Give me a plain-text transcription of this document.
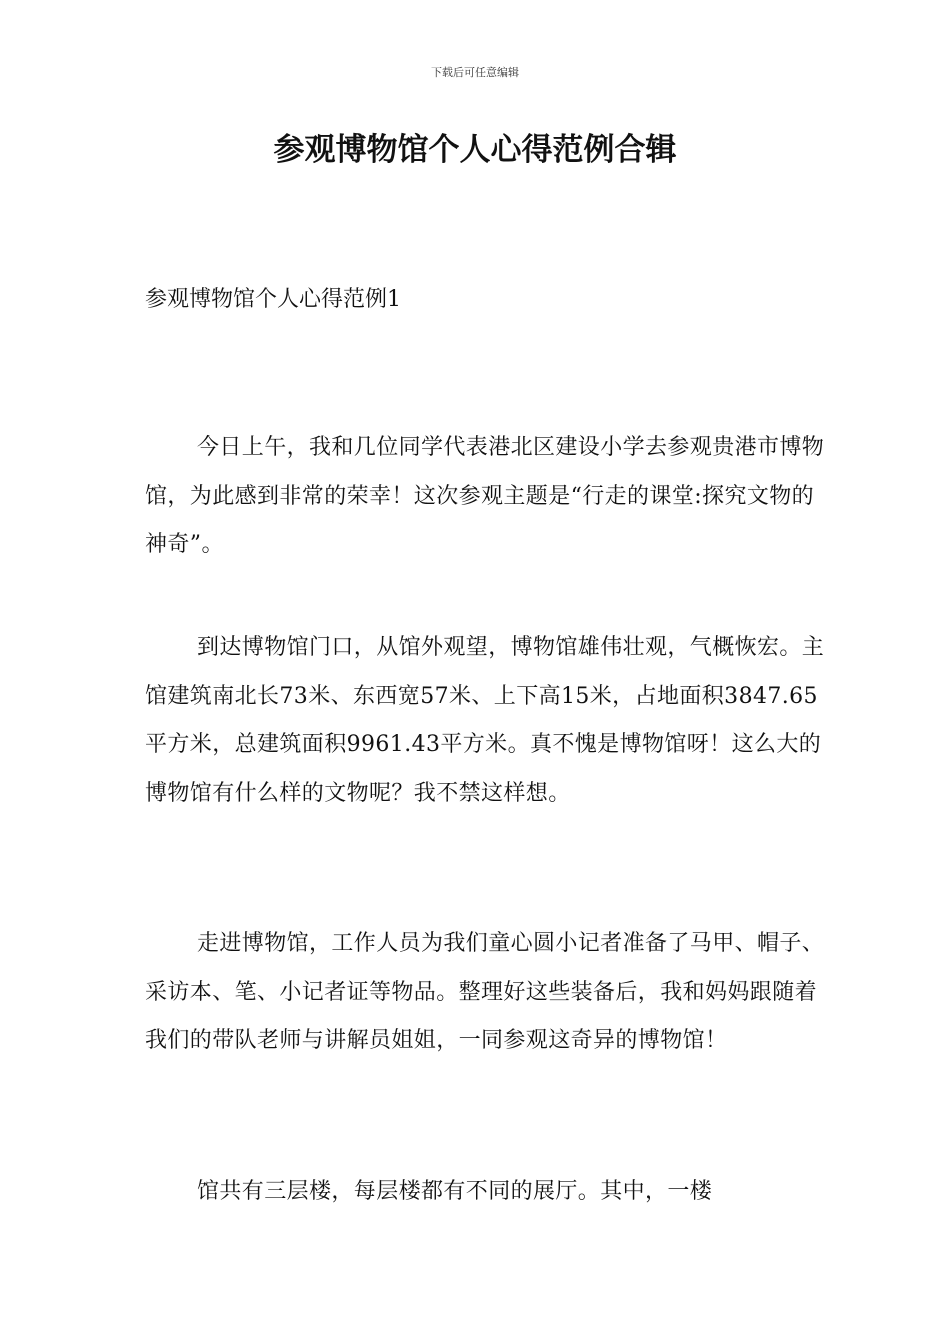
下载后可任意编辑
参观博物馆个人心得范例合辑
参观博物馆个人心得范例1

今日上午，我和几位同学代表港北区建设小学去参观贵港市博物馆，为此感到非常的荣幸！这次参观主题是“行走的课堂:探究文物的神奇”。

到达博物馆门口，从馆外观望，博物馆雄伟壮观，气概恢宏。主馆建筑南北长73米、东西宽57米、上下高15米，占地面积3847.65平方米，总建筑面积9961.43平方米。真不愧是博物馆呀！这么大的博物馆有什么样的文物呢？我不禁这样想。

走进博物馆，工作人员为我们童心圆小记者准备了马甲、帽子、采访本、笔、小记者证等物品。整理好这些装备后，我和妈妈跟随着我们的带队老师与讲解员姐姐，一同参观这奇异的博物馆！

馆共有三层楼，每层楼都有不同的展厅。其中，一楼
